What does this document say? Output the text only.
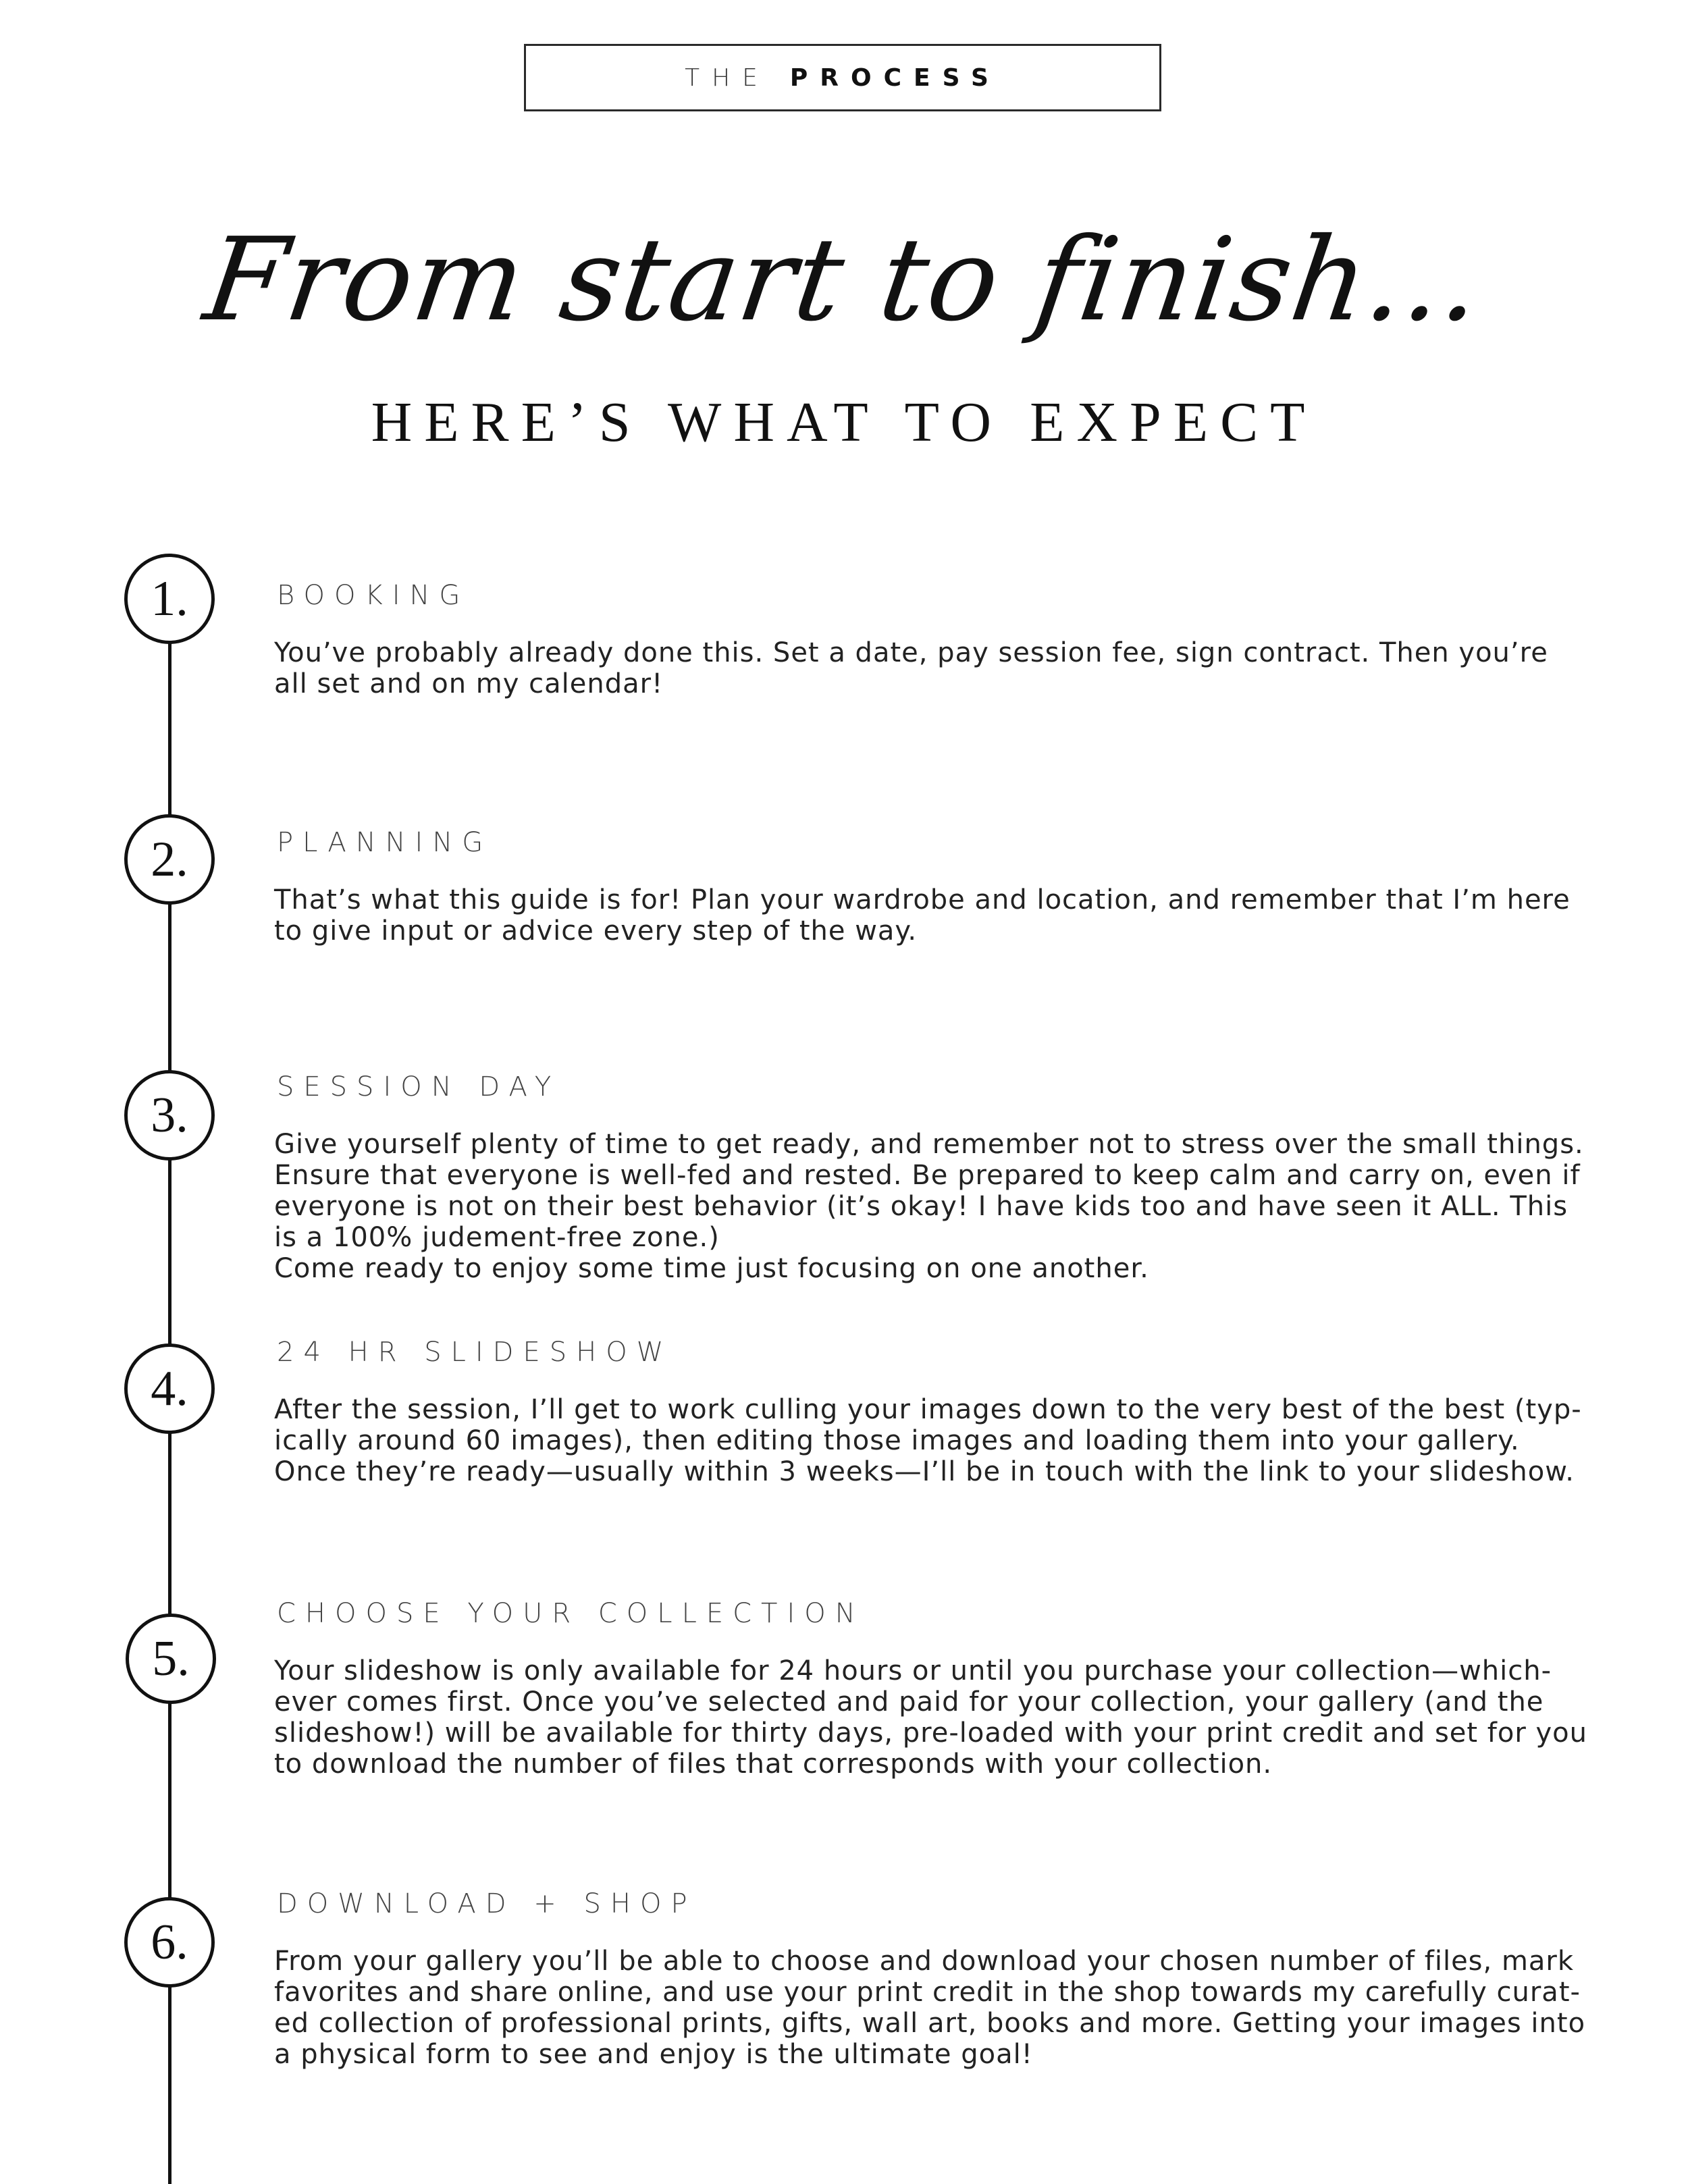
THE PROCESS
From start to finish...
HERE’S WHAT TO EXPECT
1.	BOOKING
You’ve probably already done this. Set a date, pay session fee, sign contract. Then you’re all set and on my calendar!
2.	PLANNING
That’s what this guide is for! Plan your wardrobe and location, and remember that I’m here to give input or advice every step of the way.
3.
SESSION DAY
Give yourself plenty of time to get ready, and remember not to stress over the small things. Ensure that everyone is well-fed and rested. Be prepared to keep calm and carry on, even if everyone is not on their best behavior (it’s okay! I have kids too and have seen it ALL. This is a 100% judement-free zone.)
Come ready to enjoy some time just focusing on one another.
4.
24 HR SLIDESHOW
After the session, I’ll get to work culling your images down to the very best of the best (typ-ically around 60 images), then editing those images and loading them into your gallery. Once they’re ready—usually within 3 weeks—I’ll be in touch with the link to your slideshow.
5.
CHOOSE YOUR COLLECTION
Your slideshow is only available for 24 hours or until you purchase your collection—which-ever comes first. Once you’ve selected and paid for your collection, your gallery (and the slideshow!) will be available for thirty days, pre-loaded with your print credit and set for you to download the number of files that corresponds with your collection.
6.
DOWNLOAD + SHOP
From your gallery you’ll be able to choose and download your chosen number of files, mark favorites and share online, and use your print credit in the shop towards my carefully curat-ed collection of professional prints, gifts, wall art, books and more. Getting your images into a physical form to see and enjoy is the ultimate goal!
